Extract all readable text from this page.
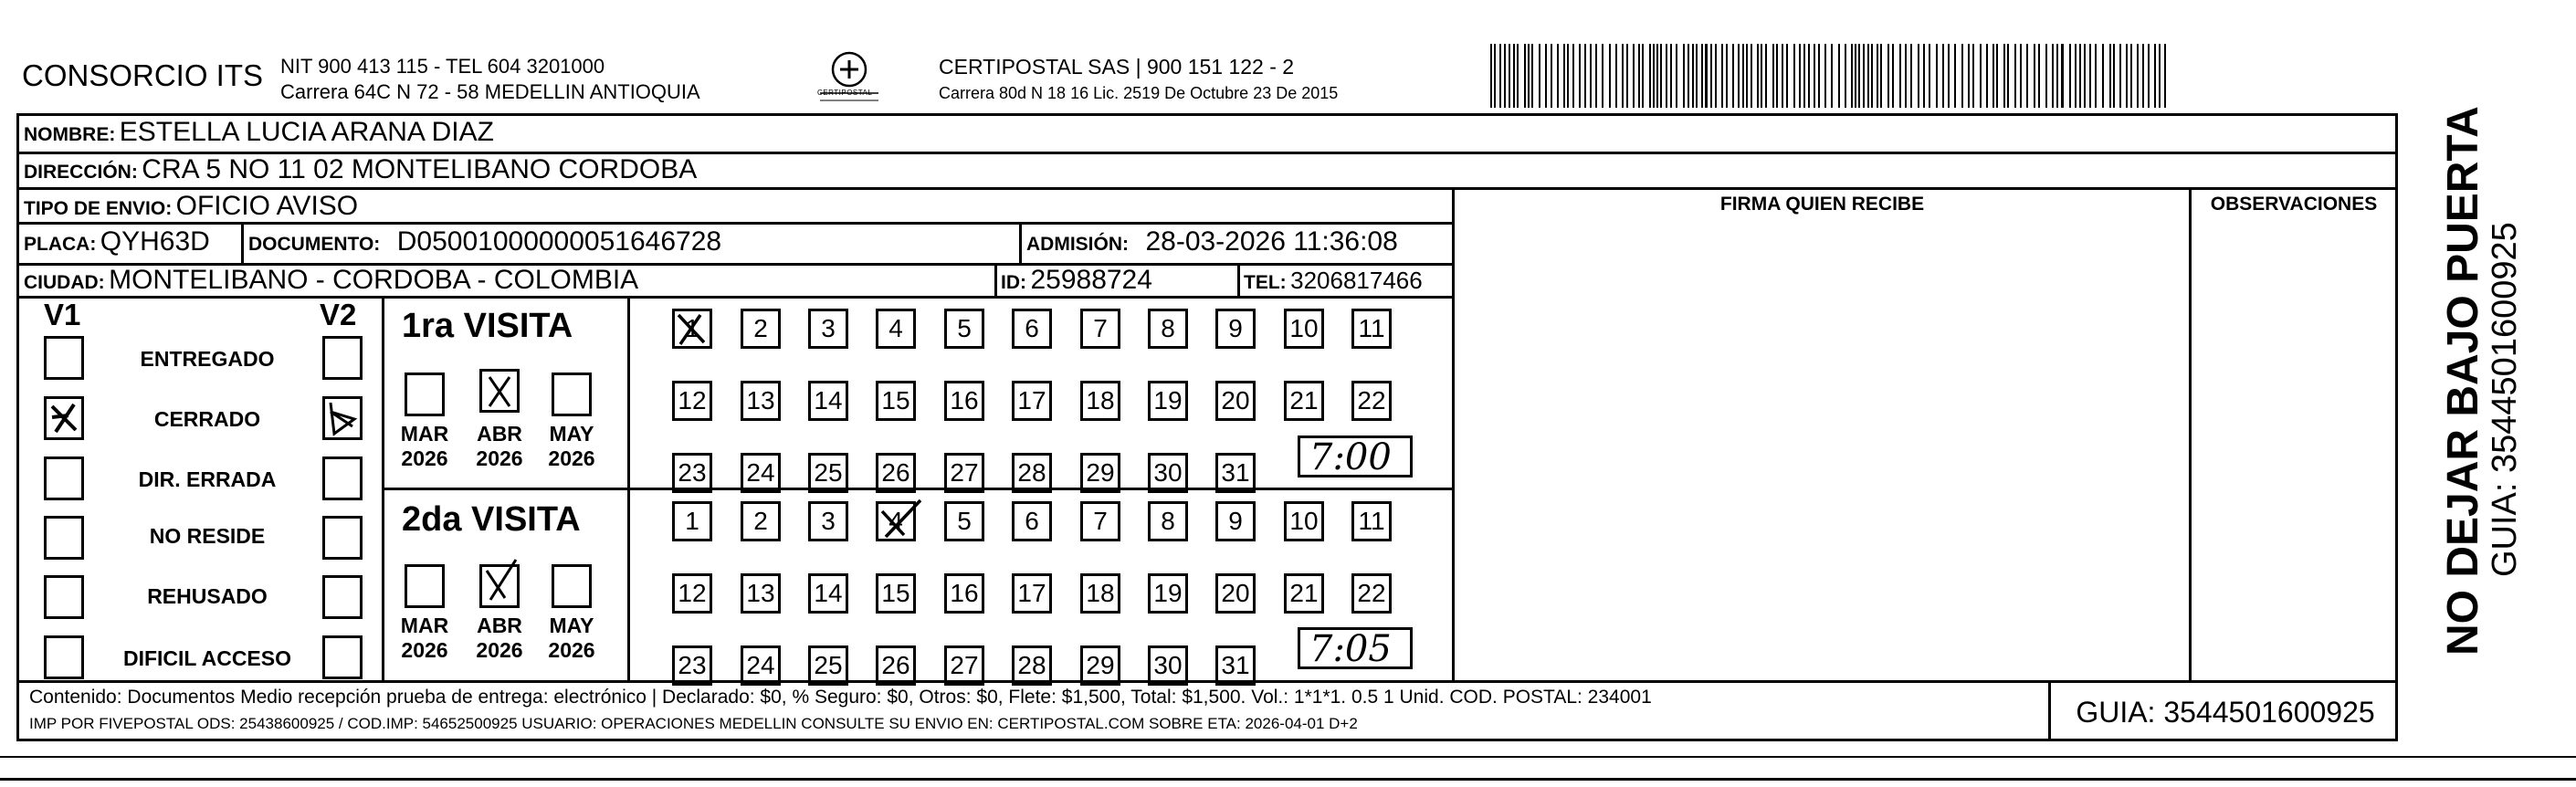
CONSORCIO ITS NIT 900 413 115 - TEL 604 3201000
Carrera 64C N 72 - 58 MEDELLIN ANTIOQUIA	CERTIPOSTAL
CERTIPOSTAL SAS | 900 151 122 - 2
Carrera 80d N 18 16 Lic. 2519 De Octubre 23 De 2015
NOMBRE: ESTELLA LUCIA ARANA DIAZ
DIRECCIÓN: CRA 5 NO 11 02 MONTELIBANO CORDOBA
TIPO DE ENVIO: OFICIO AVISO	FIRMA QUIEN RECIBE	OBSERVACIONES
PLACA: QYH63D DOCUMENTO: D05001000000051646728	ADMISIÓN: 28-03-2026 11:36:08
CIUDAD: MONTELIBANO - CORDOBA - COLOMBIA	ID: 25988724	TEL: 3206817466
V1	V2
ENTREGADO
CERRADO
DIR. ERRADA
NO RESIDE
REHUSADO
DIFICIL ACCESO
1ra VISITA
2da VISITA
MAR
2026
ABR
2026
MAY
2026
MAR
2026
ABR
2026
MAY
2026
1	2	3	4	5	6	7	8	9	10 11
12 13 14 15 16 17 18 19 20 21 22
23 24 25 26 27 28 29 30 31
1	2	3	4	5	6	7	8	9	10 11
12 13 14 15 16 17 18 19 20 21 22
23 24 25 26 27 28 29 30 31
7:00
7:05
Contenido: Documentos Medio recepción prueba de entrega: electrónico | Declarado: $0, % Seguro: $0, Otros: $0, Flete: $1,500, Total: $1,500. Vol.: 1*1*1. 0.5 1 Unid. COD. POSTAL: 234001
IMP POR FIVEPOSTAL ODS: 25438600925 / COD.IMP: 54652500925 USUARIO: OPERACIONES MEDELLIN CONSULTE SU ENVIO EN: CERTIPOSTAL.COM SOBRE ETA: 2026-04-01 D+2	GUIA: 3544501600925
NO DEJAR BAJO PUERTA
GUIA: 3544501600925
